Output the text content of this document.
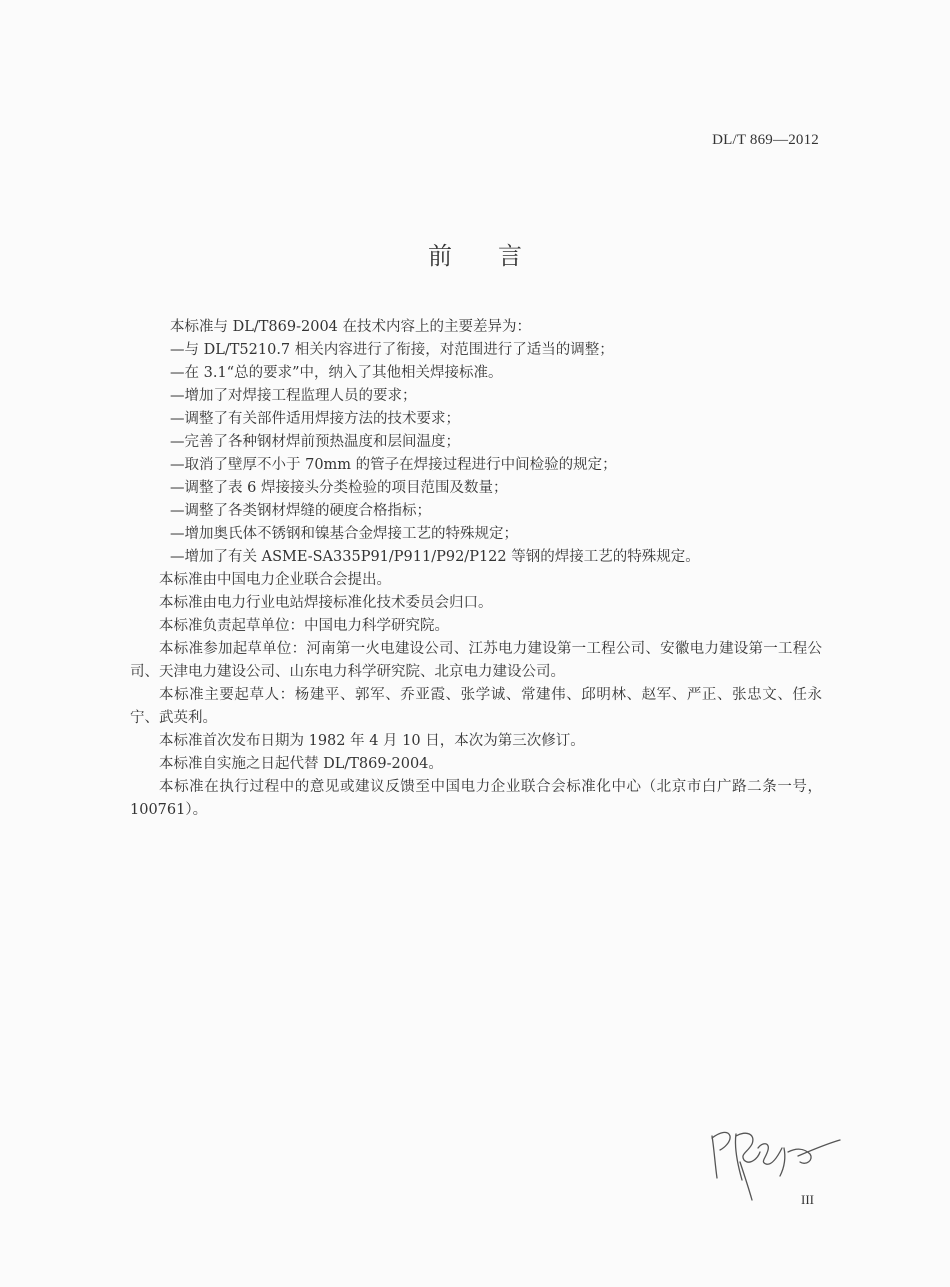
DL/T 869—2012
前言

本标准与 DL/T869-2004 在技术内容上的主要差异为：

—与 DL/T5210.7 相关内容进行了衔接，对范围进行了适当的调整；

—在 3.1“总的要求”中，纳入了其他相关焊接标准。

—增加了对焊接工程监理人员的要求；

—调整了有关部件适用焊接方法的技术要求；

—完善了各种钢材焊前预热温度和层间温度；

—取消了壁厚不小于 70mm 的管子在焊接过程进行中间检验的规定；

—调整了表 6 焊接接头分类检验的项目范围及数量；

—调整了各类钢材焊缝的硬度合格指标；

—增加奥氏体不锈钢和镍基合金焊接工艺的特殊规定；

—增加了有关 ASME-SA335P91/P911/P92/P122 等钢的焊接工艺的特殊规定。

本标准由中国电力企业联合会提出。

本标准由电力行业电站焊接标准化技术委员会归口。

本标准负责起草单位：中国电力科学研究院。

本标准参加起草单位：河南第一火电建设公司、江苏电力建设第一工程公司、安徽电力建设第一工程公司、天津电力建设公司、山东电力科学研究院、北京电力建设公司。

本标准主要起草人：杨建平、郭军、乔亚霞、张学诚、常建伟、邱明林、赵军、严正、张忠文、任永宁、武英利。

本标准首次发布日期为 1982 年 4 月 10 日，本次为第三次修订。

本标准自实施之日起代替 DL/T869-2004。

本标准在执行过程中的意见或建议反馈至中国电力企业联合会标准化中心（北京市白广路二条一号，100761）。

III
